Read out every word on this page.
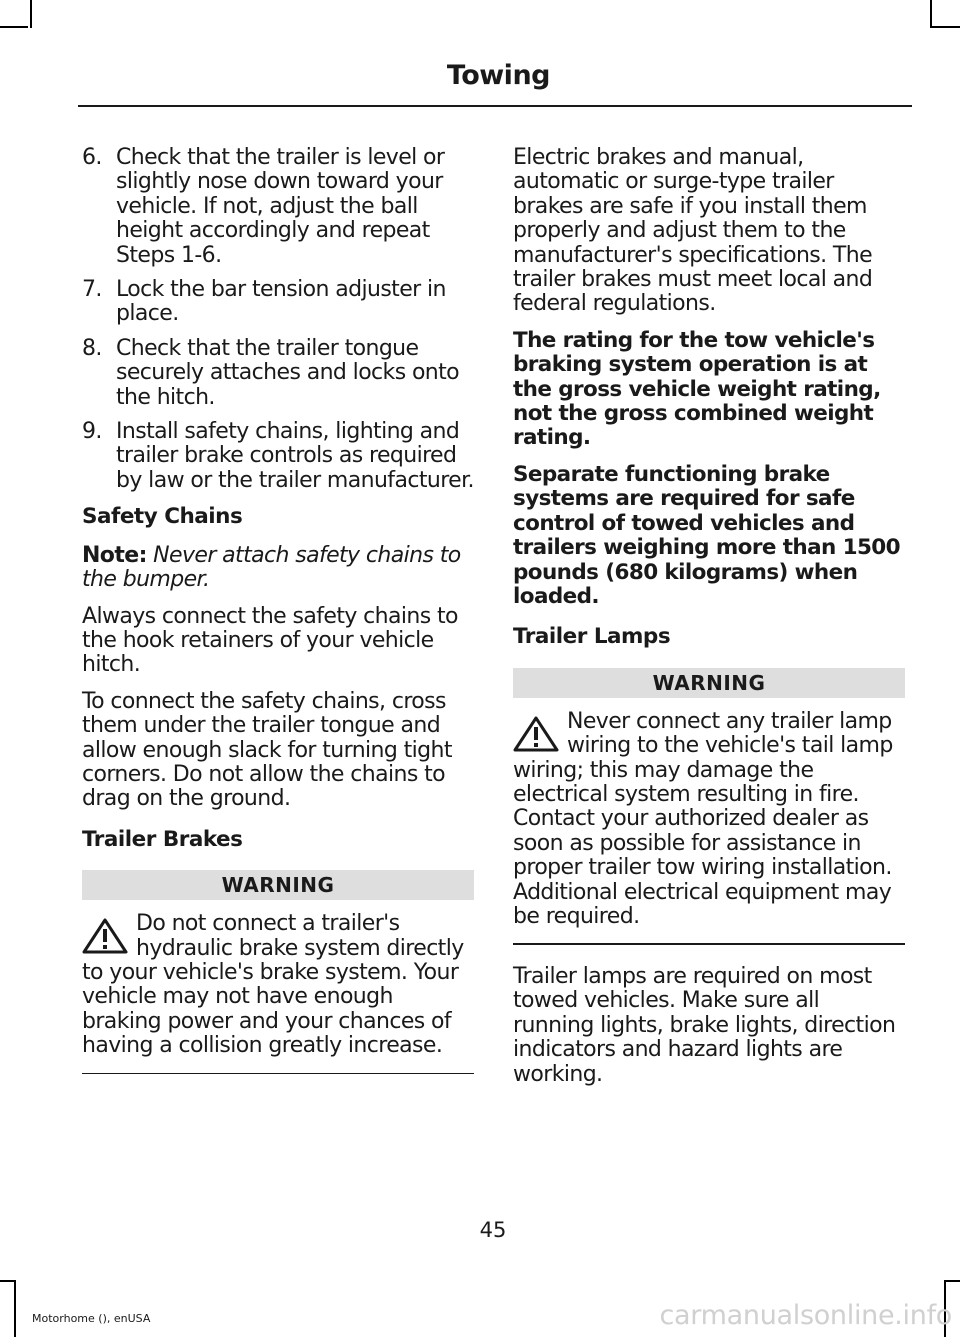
Towing
6. Check that the trailer is level or slightly nose down toward your vehicle. If not, adjust the ball height accordingly and repeat Steps 1-6.
7. Lock the bar tension adjuster in place.
8. Check that the trailer tongue securely attaches and locks onto the hitch.
9. Install safety chains, lighting and trailer brake controls as required by law or the trailer manufacturer.
Safety Chains

Note: Never attach safety chains to the bumper.

Always connect the safety chains to the hook retainers of your vehicle hitch.

To connect the safety chains, cross them under the trailer tongue and allow enough slack for turning tight corners. Do not allow the chains to drag on the ground.

Trailer Brakes
WARNING
Do not connect a trailer's hydraulic brake system directly to your vehicle's brake system. Your vehicle may not have enough braking power and your chances of having a collision greatly increase.

Electric brakes and manual, automatic or surge-type trailer brakes are safe if you install them properly and adjust them to the manufacturer's specifications. The trailer brakes must meet local and federal regulations.

The rating for the tow vehicle's braking system operation is at the gross vehicle weight rating, not the gross combined weight rating.

Separate functioning brake systems are required for safe control of towed vehicles and trailers weighing more than 1500 pounds (680 kilograms) when loaded.

Trailer Lamps
WARNING
Never connect any trailer lamp wiring to the vehicle's tail lamp wiring; this may damage the electrical system resulting in fire. Contact your authorized dealer as soon as possible for assistance in proper trailer tow wiring installation. Additional electrical equipment may be required.

Trailer lamps are required on most towed vehicles. Make sure all running lights, brake lights, direction indicators and hazard lights are working.

45
Motorhome (), enUSA	carmanualsonline.info
